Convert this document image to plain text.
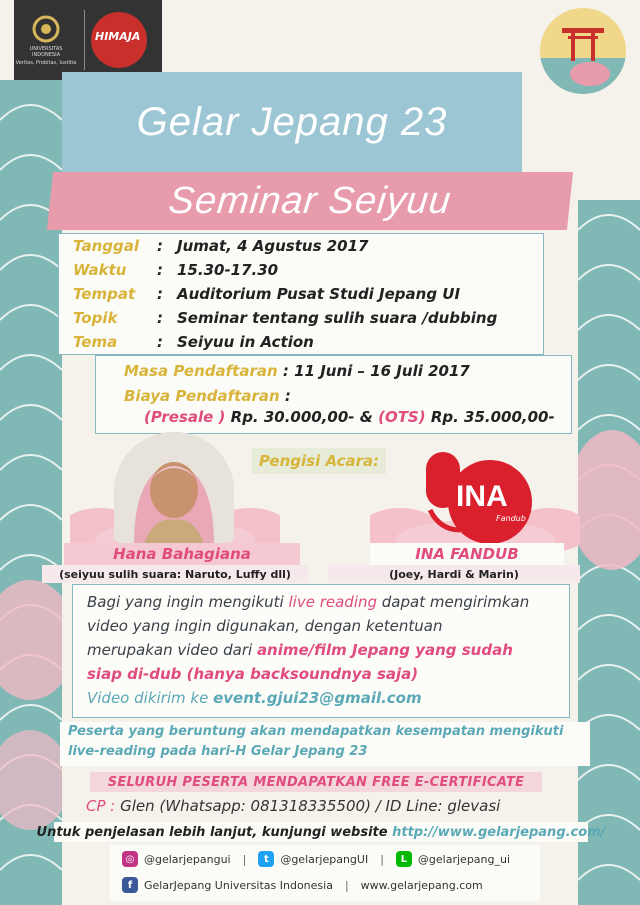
UNIVERSITAS
INDONESIA
Veritas, Probitas, Iustitia
HIMAJA
Gelar Jepang 23
Seminar Seiyuu
Tanggal	: Jumat, 4 Agustus 2017
Waktu	: 15.30-17.30
Tempat	: Auditorium Pusat Studi Jepang UI
Topik	: Seminar tentang sulih suara /dubbing
Tema	: Seiyuu in Action
Masa Pendaftaran : 11 Juni – 16 Juli 2017
Biaya Pendaftaran :
(Presale ) Rp. 30.000,00- & (OTS) Rp. 35.000,00-
Pengisi Acara:
INA
Fandub
Hana Bahagiana
(seiyuu sulih suara: Naruto, Luffy dll)
INA FANDUB
(Joey, Hardi & Marin)
Bagi yang ingin mengikuti live reading dapat mengirimkan
video yang ingin digunakan, dengan ketentuan
merupakan video dari anime/film Jepang yang sudah
siap di-dub (hanya backsoundnya saja)
Video dikirim ke event.gjui23@gmail.com
Peserta yang beruntung akan mendapatkan kesempatan mengikuti
live-reading pada hari-H Gelar Jepang 23
SELURUH PESERTA MENDAPATKAN FREE E-CERTIFICATE
CP : Glen (Whatsapp: 081318335500) / ID Line: glevasi
Untuk penjelasan lebih lanjut, kunjungi website
http://www.gelarjepang.com/
◎ @gelarjepangui |	t	@gelarjepangUI |	L @gelarjepang_ui
f	GelarJepang Universitas Indonesia | www.gelarjepang.com
